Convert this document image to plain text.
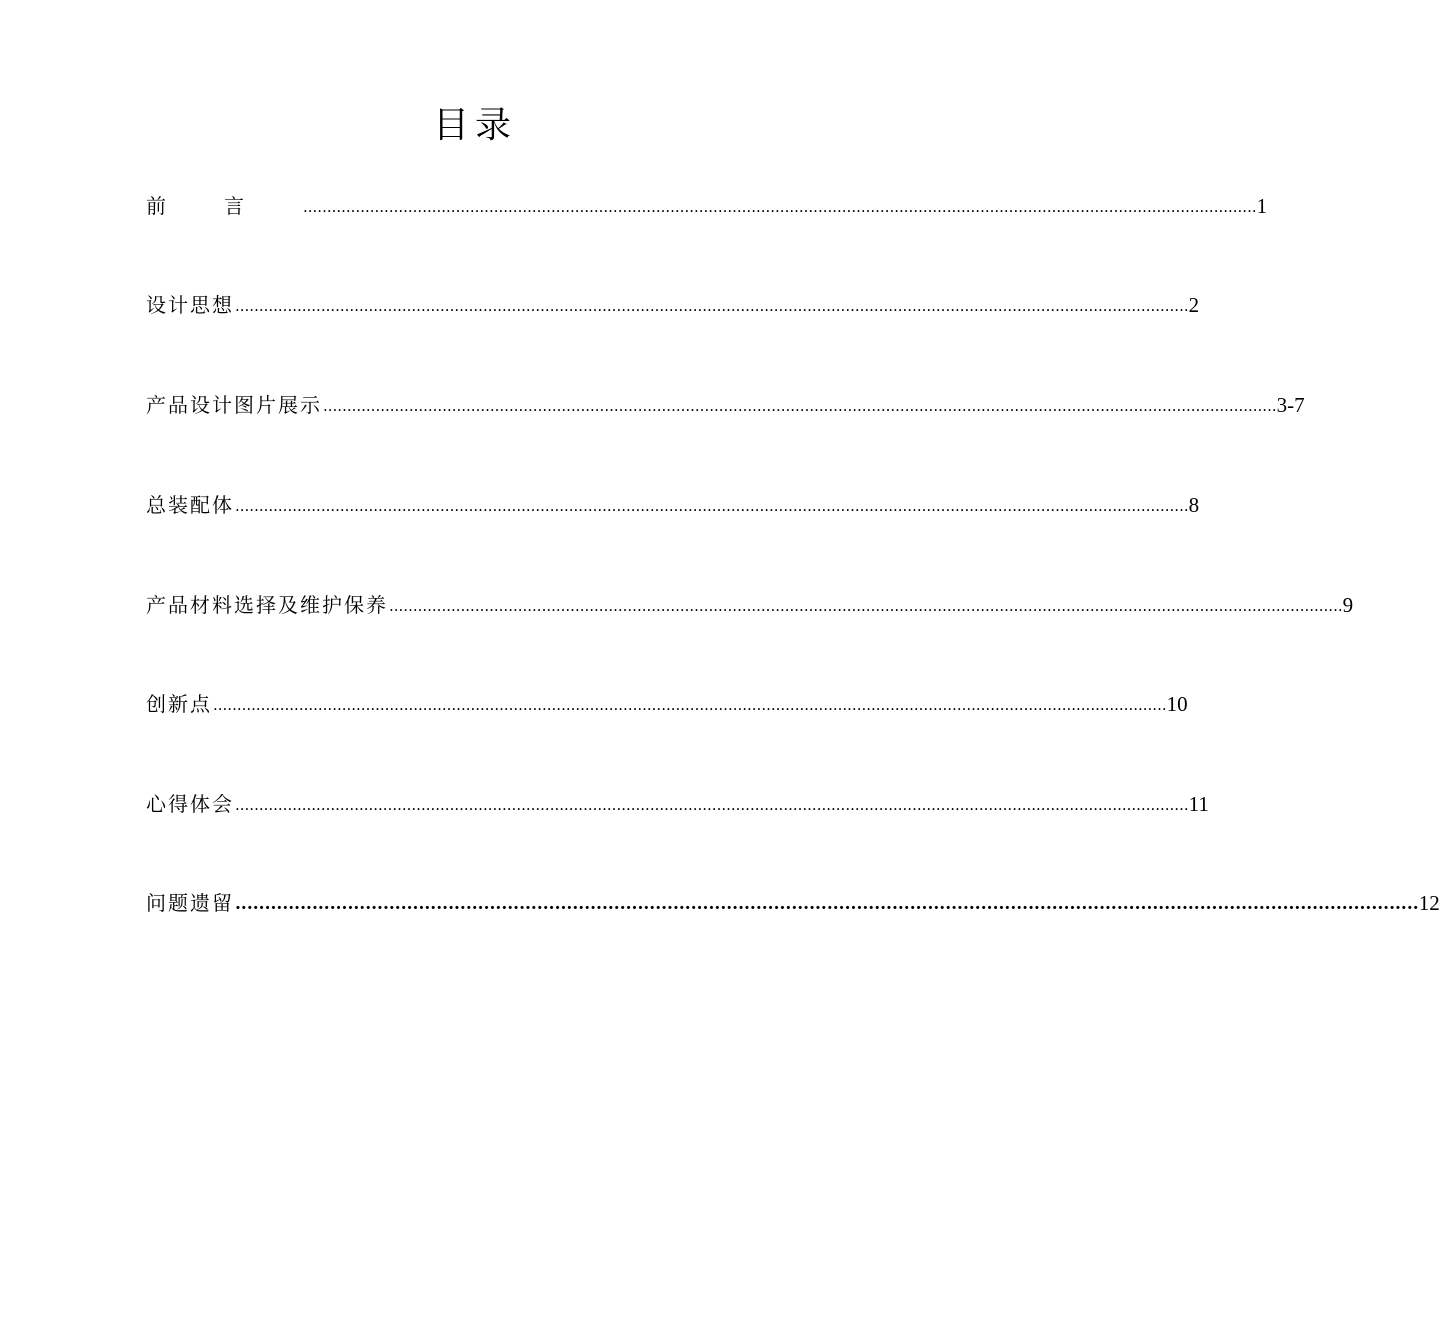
目录
前言 ........................................................................................................................................................................................................ 1
设计思想 ........................................................................................................................................................................................................ 2
产品设计图片展示 ........................................................................................................................................................................................................ 3-7
总装配体 ........................................................................................................................................................................................................ 8
产品材料选择及维护保养 ........................................................................................................................................................................................................ 9
创新点 ........................................................................................................................................................................................................ 10
心得体会 ........................................................................................................................................................................................................ 11
问题遗留 ........................................................................................................................................................................................................ 12
